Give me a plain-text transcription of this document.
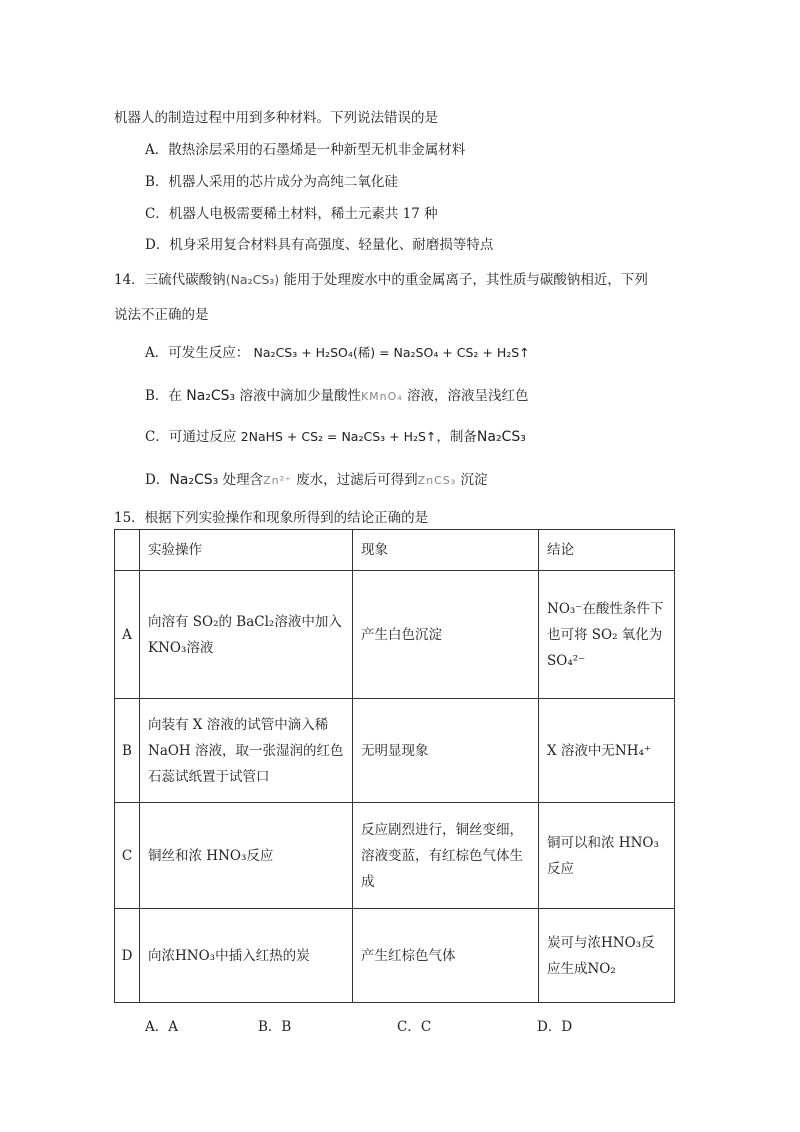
机器人的制造过程中用到多种材料。下列说法错误的是
A．散热涂层采用的石墨烯是一种新型无机非金属材料
B．机器人采用的芯片成分为高纯二氧化硅
C．机器人电极需要稀土材料，稀土元素共 17 种
D．机身采用复合材料具有高强度、轻量化、耐磨损等特点
14．三硫代碳酸钠(Na₂CS₃) 能用于处理废水中的重金属离子，其性质与碳酸钠相近，下列
说法不正确的是
A．可发生反应： Na₂CS₃ + H₂SO₄(稀) = Na₂SO₄ + CS₂ + H₂S↑
B．在 Na₂CS₃ 溶液中滴加少量酸性KMnO₄ 溶液，溶液呈浅红色
C．可通过反应 2NaHS + CS₂ = Na₂CS₃ + H₂S↑，制备Na₂CS₃
D．Na₂CS₃ 处理含Zn²⁺ 废水，过滤后可得到ZnCS₃ 沉淀
15．根据下列实验操作和现象所得到的结论正确的是
	实验操作	现象	结论
A	向溶有 SO₂的 BaCl₂溶液中加入KNO₃溶液	产生白色沉淀	NO₃⁻在酸性条件下也可将 SO₂ 氧化为SO₄²⁻
B	向装有 X 溶液的试管中滴入稀NaOH 溶液，取一张湿润的红色石蕊试纸置于试管口	无明显现象	X 溶液中无NH₄⁺
C	铜丝和浓 HNO₃反应	反应剧烈进行，铜丝变细，溶液变蓝，有红棕色气体生成	铜可以和浓 HNO₃反应
D	向浓HNO₃中插入红热的炭	产生红棕色气体	炭可与浓HNO₃反应生成NO₂
A．A	B．B	C．C	D．D
